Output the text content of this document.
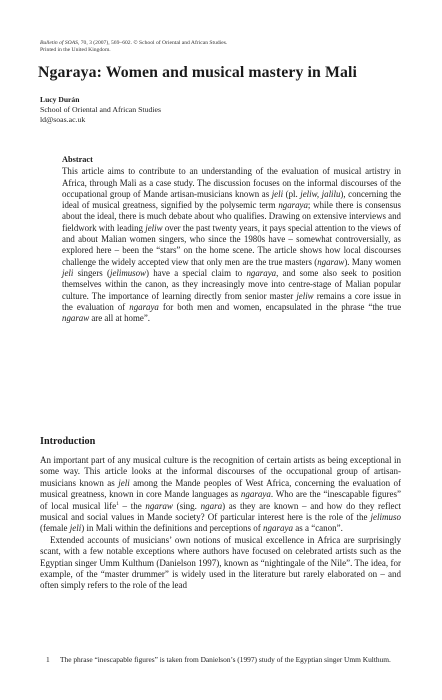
Bulletin of SOAS, 70, 3 (2007), 569–602. © School of Oriental and African Studies.
Printed in the United Kingdom.
Ngaraya: Women and musical mastery in Mali
Lucy Durán
School of Oriental and African Studies
ld@soas.ac.uk
Abstract

This article aims to contribute to an understanding of the evaluation of musical artistry in Africa, through Mali as a case study. The discussion focuses on the informal discourses of the occupational group of Mande artisan-musicians known as jeli (pl. jeliw, jalilu), concerning the ideal of musical greatness, signified by the polysemic term ngaraya; while there is consensus about the ideal, there is much debate about who qualifies. Drawing on extensive interviews and fieldwork with leading jeliw over the past twenty years, it pays special attention to the views of and about Malian women singers, who since the 1980s have – somewhat controversially, as explored here – been the “stars” on the home scene. The article shows how local discourses challenge the widely accepted view that only men are the true masters (ngaraw). Many women jeli singers (jelimusow) have a special claim to ngaraya, and some also seek to position themselves within the canon, as they increasingly move into centre-stage of Malian popular culture. The importance of learning directly from senior master jeliw remains a core issue in the evaluation of ngaraya for both men and women, encapsulated in the phrase “the true ngaraw are all at home”.

Introduction

An important part of any musical culture is the recognition of certain artists as being exceptional in some way. This article looks at the informal discourses of the occupational group of artisan-musicians known as jeli among the Mande peoples of West Africa, concerning the evaluation of musical greatness, known in core Mande languages as ngaraya. Who are the “inescapable figures” of local musical life$^1$ – the ngaraw (sing. ngara) as they are known – and how do they reflect musical and social values in Mande society? Of particular interest here is the role of the jelimuso (female jeli) in Mali within the definitions and perceptions of ngaraya as a “canon”.

Extended accounts of musicians’ own notions of musical excellence in Africa are surprisingly scant, with a few notable exceptions where authors have focused on celebrated artists such as the Egyptian singer Umm Kulthum (Danielson 1997), known as “nightingale of the Nile”. The idea, for example, of the “master drummer” is widely used in the literature but rarely elaborated on – and often simply refers to the role of the lead

1 The phrase “inescapable figures” is taken from Danielson’s (1997) study of the Egyptian singer Umm Kulthum.
